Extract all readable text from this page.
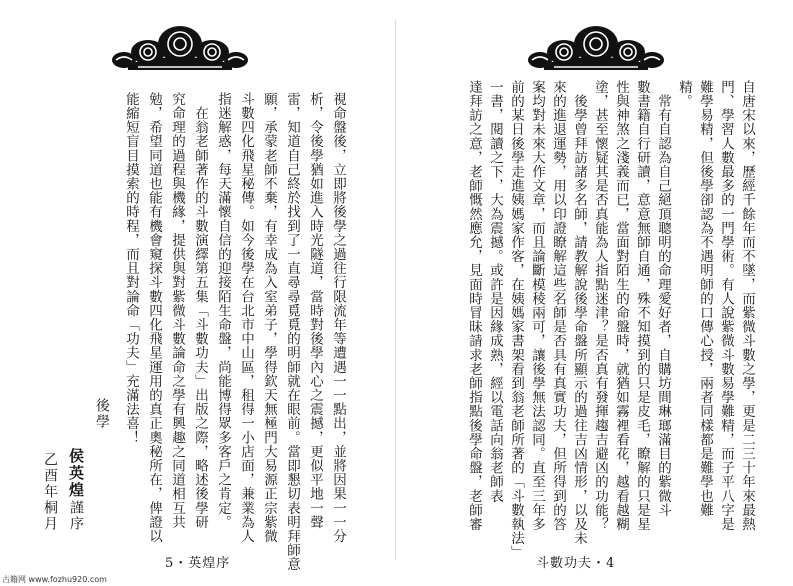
自唐宋以來，歷經千餘年而不墜，而紫微斗數之學，更是二三十年來最熱
門、學習人數最多的一門學術。有人說紫微斗數易學難精，而子平八字是
難學易精，但後學卻認為不遇明師的口傳心授，兩者同樣都是難學也難
精。
　常有自認為自己絕頂聰明的命理愛好者，自購坊間琳瑯滿目的紫微斗
數書籍自行研讀，意意無師自通，殊不知摸到的只是皮毛，瞭解的只是星
性與神煞之淺義而已，當面對陌生的命盤時，就猶如霧裡看花，越看越糊
塗，甚至懷疑其是否真能為人指點迷津？是否真有發揮趨吉避凶的功能？
　後學曾拜訪諸多名師，請教解說後學命盤所顯示的過往吉凶情形，以及未
來的進退運勢，用以印證瞭解這些名師是否具有真實功夫，但所得到的答
案均對未來大作文章，而且論斷模稜兩可，讓後學無法認同。直至三年多
前的某日後學走進姨媽家作客，在姨媽家書架看到翁老師所著的「斗數執法」
一書，閱讀之下，大為震撼。或許是因緣成熟，經以電話向翁老師表
達拜訪之意，老師慨然應允，見面時冒昧請求老師指點後學命盤，老師審
斗數功夫・4
視命盤後，立即將後學之過往行限流年等遭遇一一點出，並將因果一一分
析，令後學猶如進入時光隧道，當時對後學內心之震撼，更似平地一聲
雷，知道自己終於找到了一直尋尋覓覓的明師就在眼前。當即懇切表明拜師意
願，承蒙老師不棄，有幸成為入室弟子，學得欽天無極門大易源正宗紫微
斗數四化飛星秘傳。如今後學在台北市中山區，租得一小店面，兼業為人
指迷解惑，每天滿懷自信的迎接陌生命盤，尚能博得眾多客戶之肯定。
　在翁老師著作的斗數演繹第五集「斗數功夫」出版之際，略述後學研
究命理的過程與機緣，提供與對紫微斗數論命之學有興趣之同道相互共
勉，希望同道也能有機會窺探斗數四化飛星運用的真正奧秘所在，俾證以
能縮短盲目摸索的時程，而且對論命「功夫」充滿法喜！
後學
侯英煌
謹序
乙酉年桐月
5・英煌序
古籍网 www.fozhu920.com
